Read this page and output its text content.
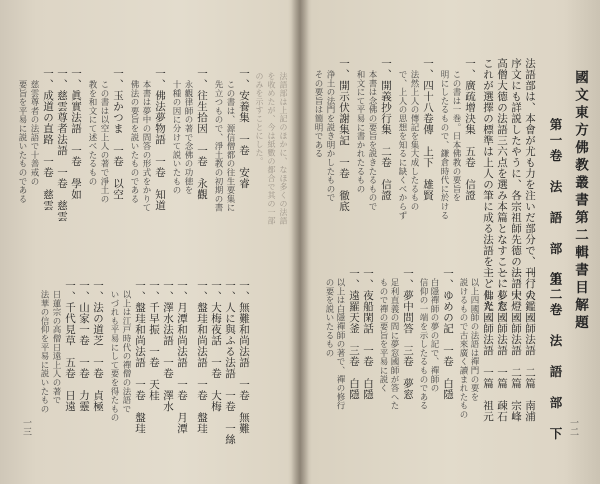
國文東方佛教叢書第二輯書目解題
第一卷　法　語　部　上
法語部は、本會が尤も力を注いだ部分で、刊行の
序文にも詳説したやうに、各宗祖師先德の法語中
高僧大德の法語三六点を選み本篇となすことにした
これが選擇の標準は上人の筆に成る法語を主とした
一、廣疏增決集　五卷　信證
この書は一巻。日本佛教の要旨を
明にしたるもので、鎌倉時代に於ける
一、四十八卷傳　上下　雄賢
法然上人の傳記を集大成したるもの
で、上人の思想を知るに缺くべからず
一、開義抄行集　二卷　信證
本書は念佛の要旨を説きたるもので
和文にて平易に書かれたるもの
一、開示伏謝集記　一卷　徹底
浄土の法門を説き明かしたもので
その要旨は簡明である
第二卷　法　語　部　下
一、大鑑國師法語　二篇　南浦
一、大燈國師法語　二篇　宗峰
一、夢窓國師法語　一篇　疎石
一、佛光國師法語　一篇　祖元
以上四國師の法語は禪門の要を
説けるもので古來廣く讀まれたもの
一、ゆめの記　一卷　白隱
白隱禪師の夢の記で、禪師の
信仰の一端を示したるものである
一、夢中問答　三卷　夢窓
足利直義の問に夢窓國師が答へた
もので禪の要旨を平易に説く
一、夜船閑話　一卷　白隱
一、遠羅天釜　三卷　白隱
以上は白隱禪師の著で、禪の修行
の要を説いたるもの
一二
法語部は上記のほかに、なほ多くの法語
を收めたが、今は紙數の都合で其の一部
のみを示すことにした。
一、安養集　一卷　安睿
この書は、源信僧都の往生要集に
先立つもので、淨土教の初期の書
一、往生拾因　一卷　永觀
永觀律師の著で念佛の功徳を
十種の因に分けて説いたもの
一、佛法夢物語　一卷　知道
本書は夢中の問答の形式をかりて
佛法の要旨を説いたものである
一、玉かつま　一卷　以空
この書は以空上人の著で淨土の
教を和文にて述べたるもの
一、眞實法語　一卷　學如
一、慈雲尊者法語　一卷　慈雲
一、成道の直路　一卷　慈雲
慈雲尊者の法語で十善戒の
要旨を平易に説いたものである
一、無難和尚法語　一卷　無難
一、人に與ふる法語　一卷　一絲
一、大梅夜話　一卷　大梅
一、盤珪和尚法語　一卷　盤珪
一、月潭和尚法語　一卷　月潭
一、澤水法語　一卷　澤水
一、千早振　一卷　天桂
一、盤珪和尚法語　一卷　盤珪
以上は江戸時代の禪僧の法語で
いづれも平易にして要を得たもの
一、法の道芝　一卷　貞極
一、山家一卷　一卷　力靈
一、千代見草　五卷　日遠
日蓮宗の高僧日遠上人の著で
法華の信仰を平易に説いたもの
一三
